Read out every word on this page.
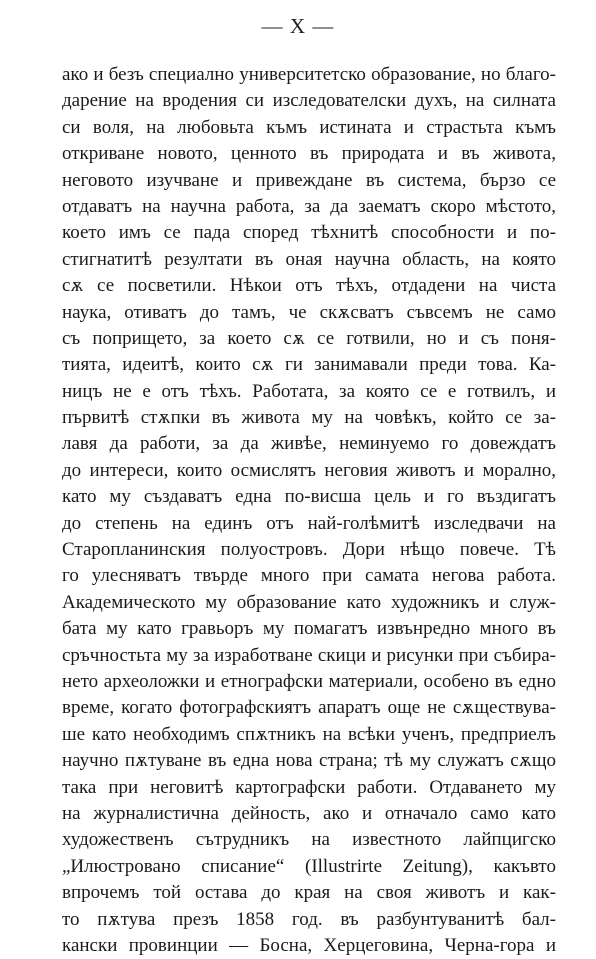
— X —
ако и безъ специално университетско образование, но благо-
дарение на вродения си изследователски духъ, на силната
си воля, на любовьта къмъ истината и страстьта къмъ
откриване новото, ценното въ природата и въ живота,
неговото изучване и привеждане въ система, бързо се
отдаватъ на научна работа, за да заематъ скоро мѣстото,
което имъ се пада според тѣхнитѣ способности и по-
стигнатитѣ резултати въ оная научна область, на която
сѫ се посветили. Нѣкои отъ тѣхъ, отдадени на чиста
наука, отиватъ до тамъ, че скѫсватъ съвсемъ не само
съ попрището, за което сѫ се готвили, но и съ поня-
тията, идеитѣ, които сѫ ги занимавали преди това. Ка-
ницъ не е отъ тѣхъ. Работата, за която се е готвилъ, и
първитѣ стѫпки въ живота му на човѣкъ, който се за-
лавя да работи, за да живѣе, неминуемо го довеждатъ
до интереси, които осмислятъ неговия животъ и морално,
като му създаватъ една по-висша цель и го въздигатъ
до степень на единъ отъ най-голѣмитѣ изследвачи на
Старопланинския полуостровъ. Дори нѣщо повече. Тѣ
го улесняватъ твърде много при самата негова работа.
Академическото му образование като художникъ и служ-
бата му като гравьоръ му помагатъ извънредно много въ
сръчностьта му за изработване скици и рисунки при събира-
нето археоложки и етнографски материали, особено въ едно
време, когато фотографскиятъ апаратъ още не сѫществува-
ше като необходимъ спѫтникъ на всѣки ученъ, предприелъ
научно пѫтуване въ една нова страна; тѣ му служатъ сѫщо
така при неговитѣ картографски работи. Отдаването му
на журналистична дейность, ако и отначало само като
художественъ сътрудникъ на известното лайпцигско
„Илюстровано списание“ (Illustrirte Zeitung), какъвто
впрочемъ той остава до края на своя животъ и как-
то пѫтува презъ 1858 год. въ разбунтуванитѣ бал-
кански провинции — Босна, Херцеговина, Черна-гора и
